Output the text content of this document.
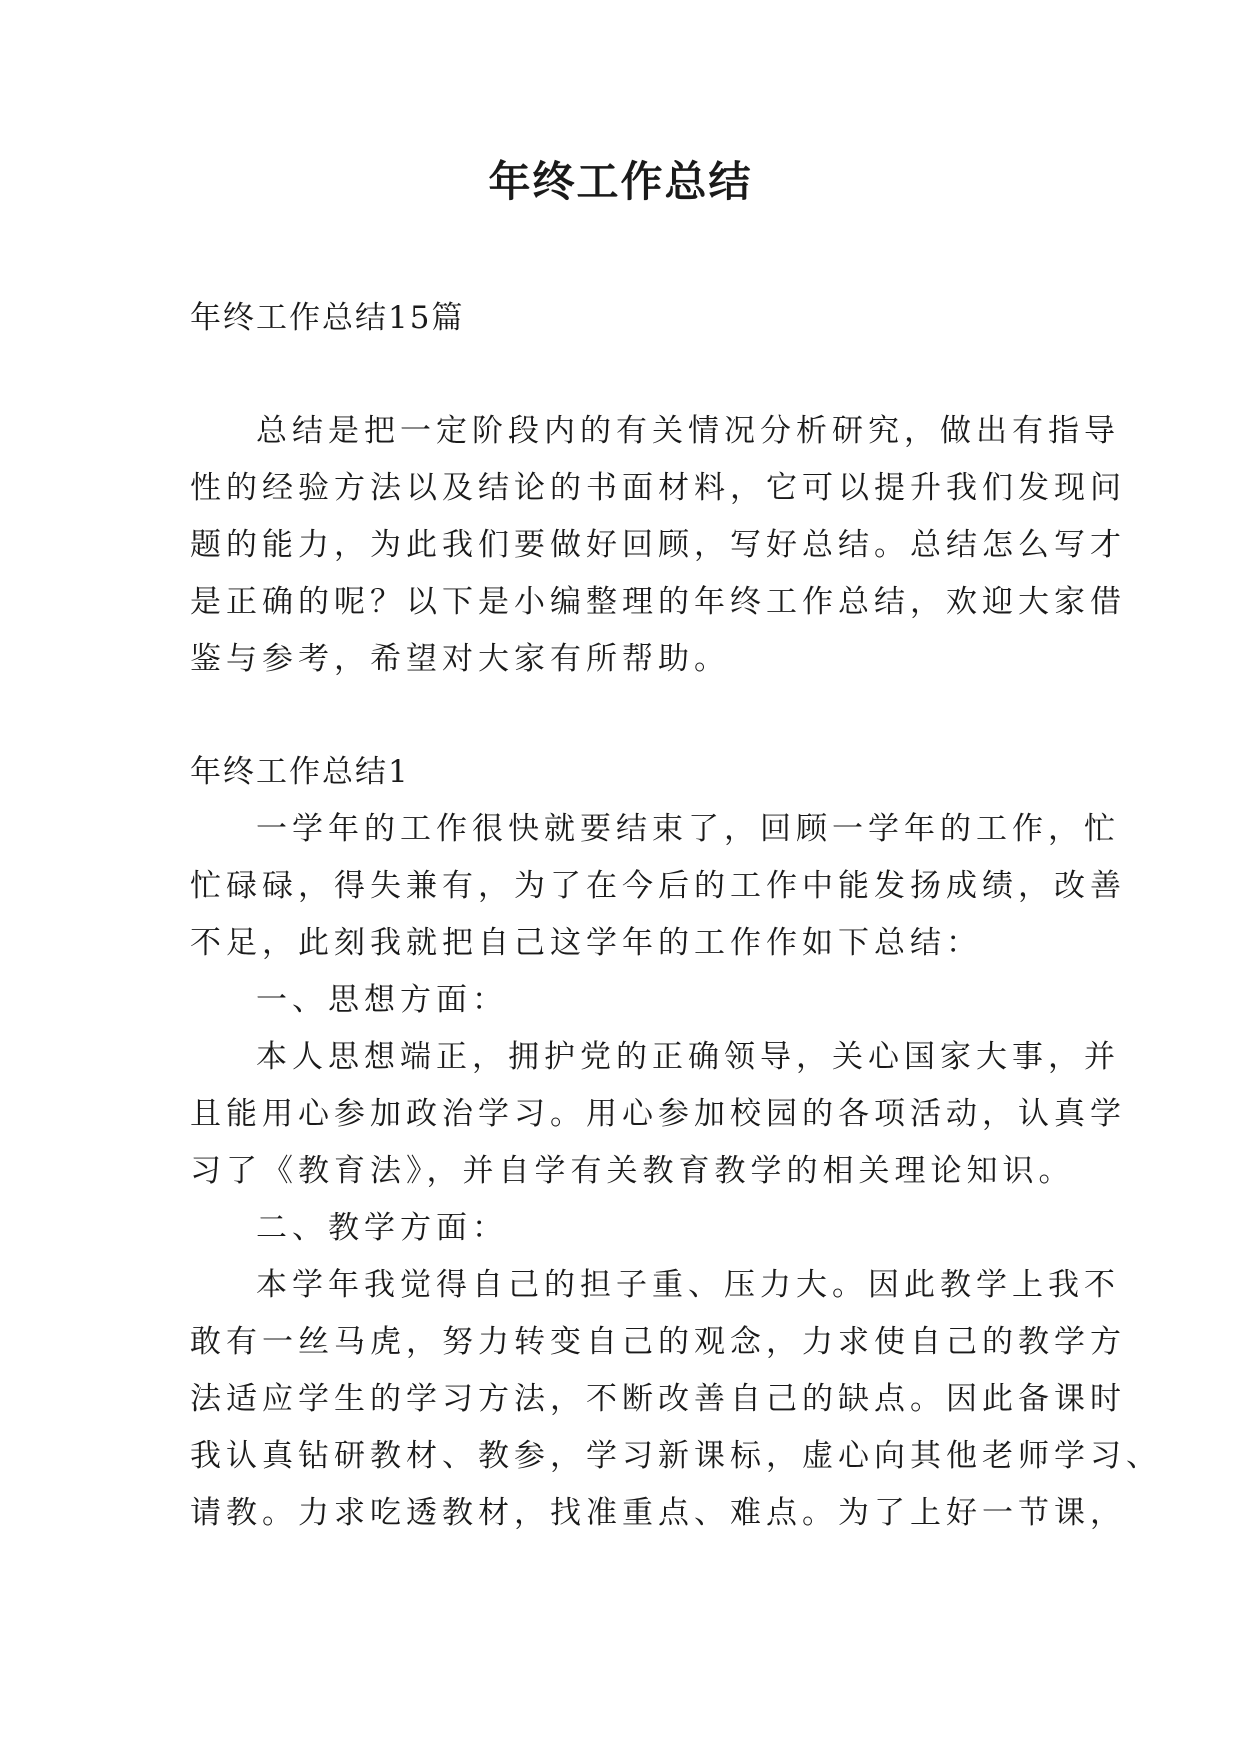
年终工作总结
年终工作总结15篇
总结是把一定阶段内的有关情况分析研究，做出有指导
性的经验方法以及结论的书面材料，它可以提升我们发现问
题的能力，为此我们要做好回顾，写好总结。总结怎么写才
是正确的呢？以下是小编整理的年终工作总结，欢迎大家借
鉴与参考，希望对大家有所帮助。
年终工作总结1
一学年的工作很快就要结束了，回顾一学年的工作，忙
忙碌碌，得失兼有，为了在今后的工作中能发扬成绩，改善
不足，此刻我就把自己这学年的工作作如下总结：
一、思想方面：
本人思想端正，拥护党的正确领导，关心国家大事，并
且能用心参加政治学习。用心参加校园的各项活动，认真学
习了《教育法》，并自学有关教育教学的相关理论知识。
二、教学方面：
本学年我觉得自己的担子重、压力大。因此教学上我不
敢有一丝马虎，努力转变自己的观念，力求使自己的教学方
法适应学生的学习方法，不断改善自己的缺点。因此备课时
我认真钻研教材、教参，学习新课标，虚心向其他老师学习、
请教。力求吃透教材，找准重点、难点。为了上好一节课，
